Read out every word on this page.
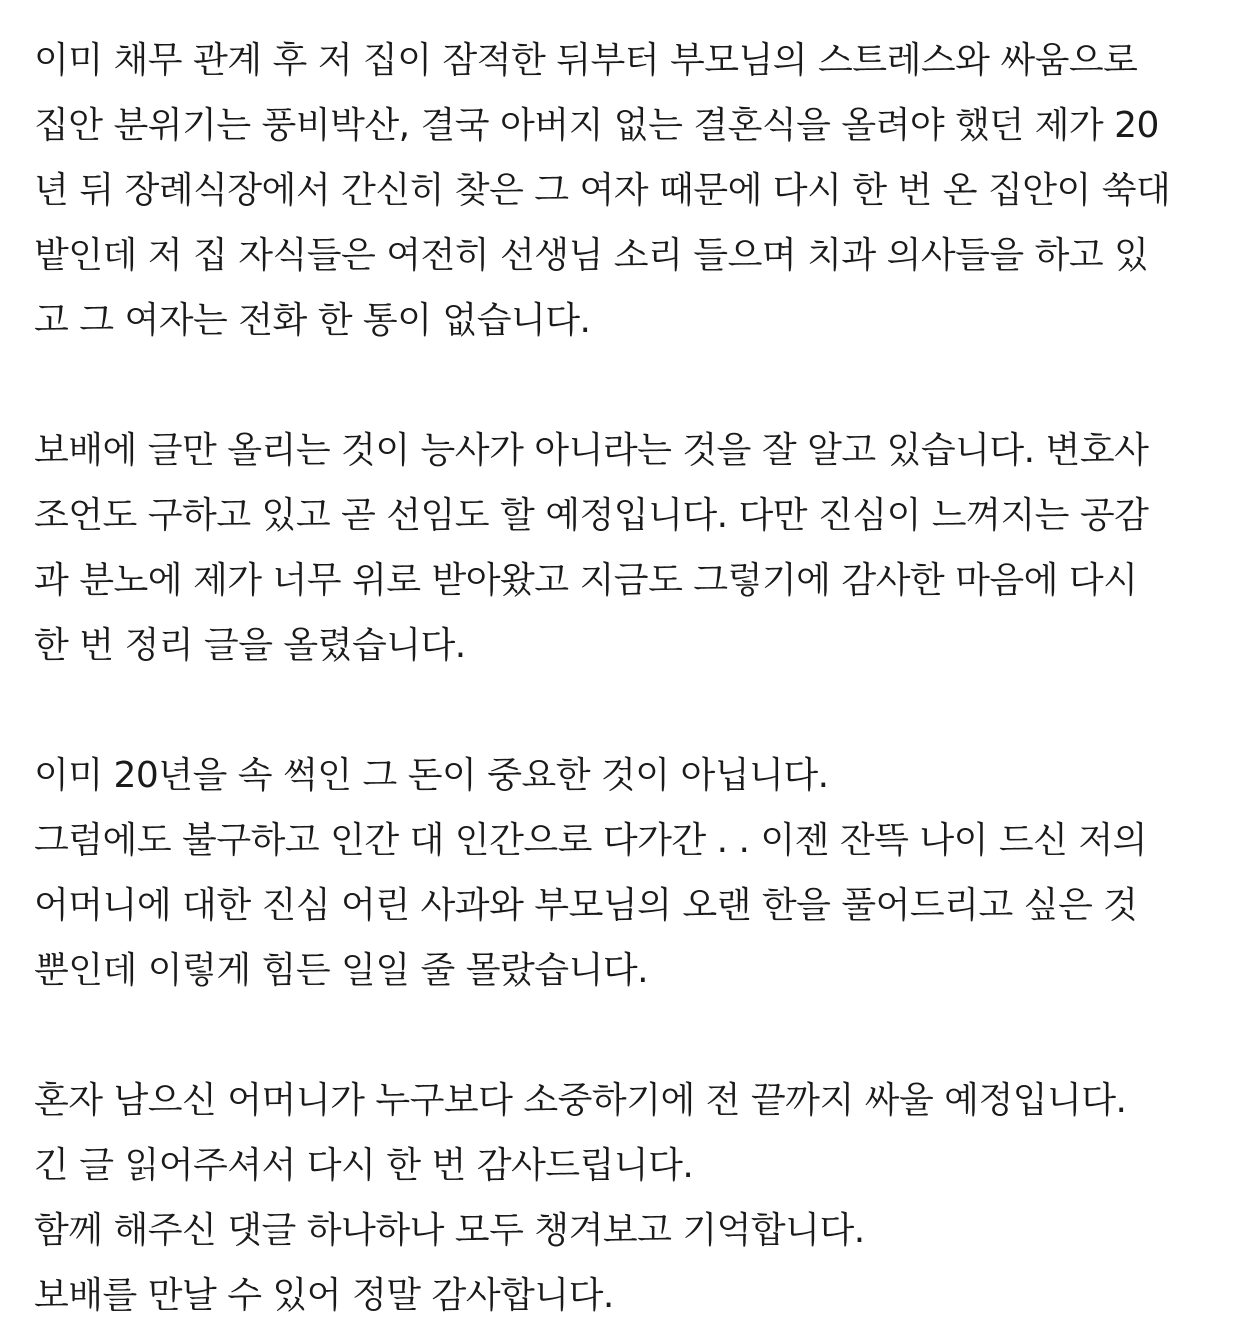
이미 채무 관계 후 저 집이 잠적한 뒤부터 부모님의 스트레스와 싸움으로
집안 분위기는 풍비박산, 결국 아버지 없는 결혼식을 올려야 했던 제가 20
년 뒤 장례식장에서 간신히 찾은 그 여자 때문에 다시 한 번 온 집안이 쑥대
밭인데 저 집 자식들은 여전히 선생님 소리 들으며 치과 의사들을 하고 있
고 그 여자는 전화 한 통이 없습니다.
보배에 글만 올리는 것이 능사가 아니라는 것을 잘 알고 있습니다. 변호사
조언도 구하고 있고 곧 선임도 할 예정입니다. 다만 진심이 느껴지는 공감
과 분노에 제가 너무 위로 받아왔고 지금도 그렇기에 감사한 마음에 다시
한 번 정리 글을 올렸습니다.
이미 20년을 속 썩인 그 돈이 중요한 것이 아닙니다.
그럼에도 불구하고 인간 대 인간으로 다가간 . . 이젠 잔뜩 나이 드신 저의
어머니에 대한 진심 어린 사과와 부모님의 오랜 한을 풀어드리고 싶은 것
뿐인데 이렇게 힘든 일일 줄 몰랐습니다.
혼자 남으신 어머니가 누구보다 소중하기에 전 끝까지 싸울 예정입니다.
긴 글 읽어주셔서 다시 한 번 감사드립니다.
함께 해주신 댓글 하나하나 모두 챙겨보고 기억합니다.
보배를 만날 수 있어 정말 감사합니다.
